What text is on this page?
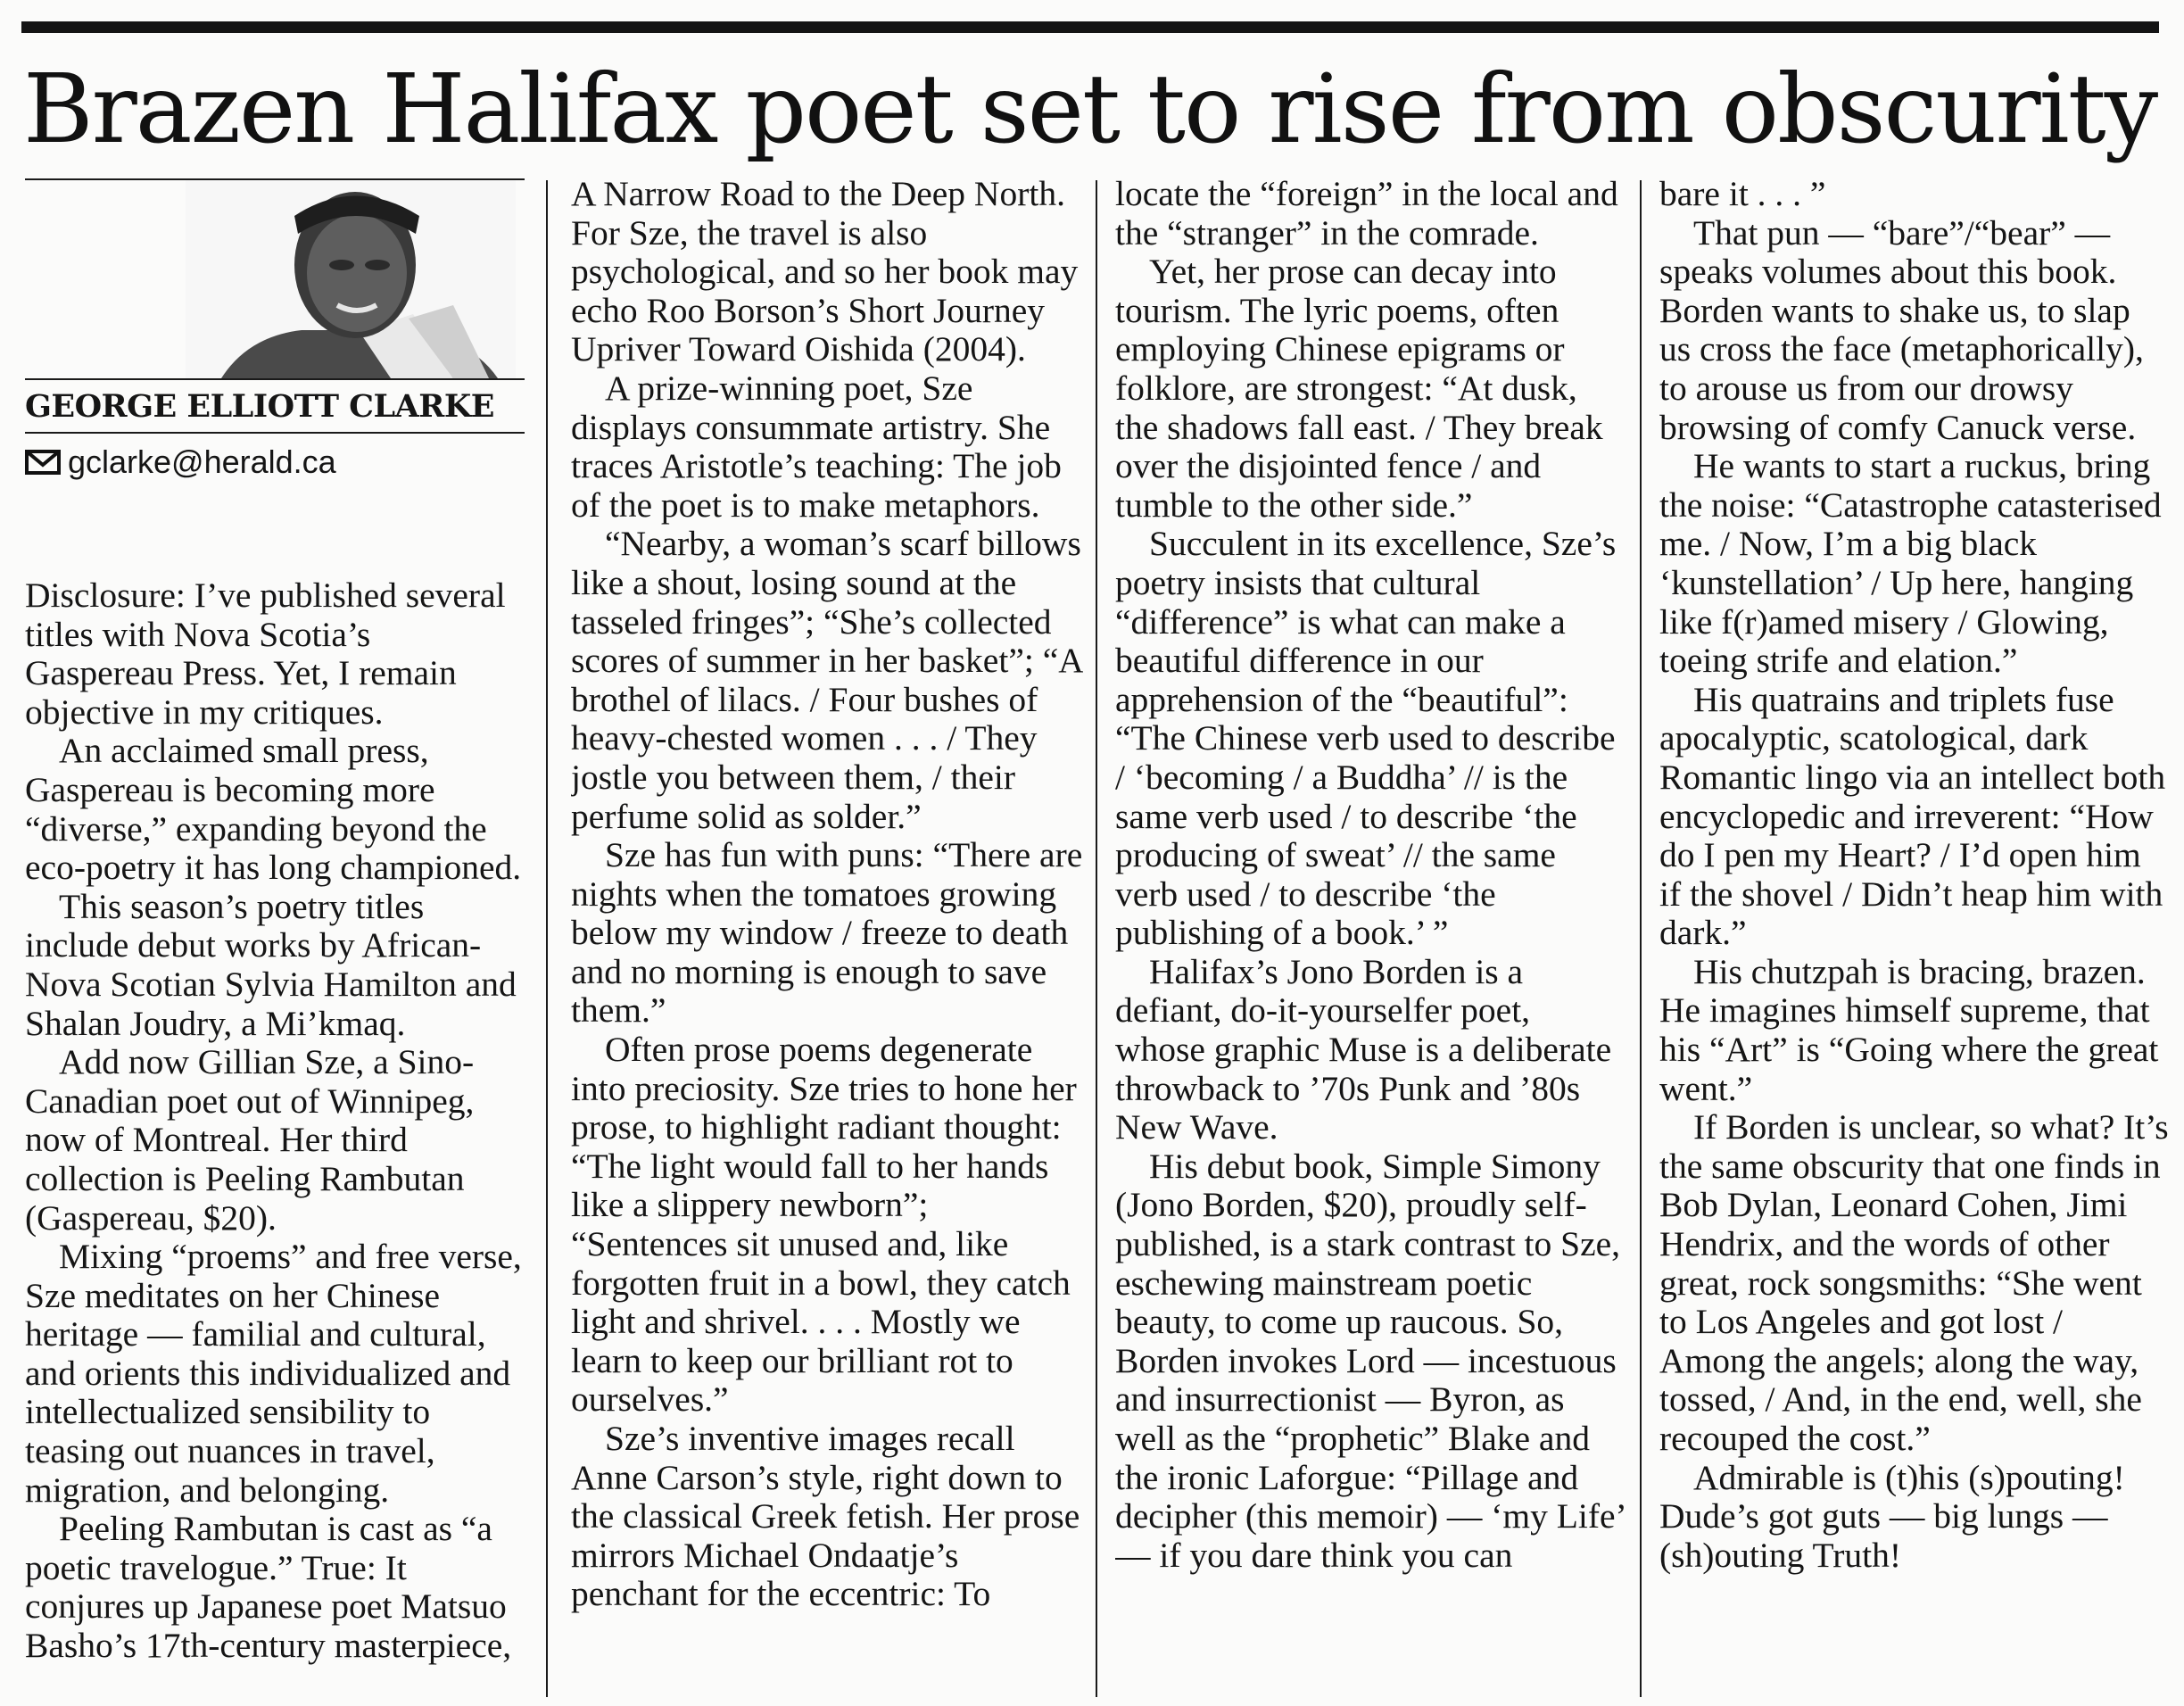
Brazen Halifax poet set to rise from obscurity
GEORGE ELLIOTT CLARKE
gclarke@herald.ca

Disclosure: I’ve published several titles with Nova Scotia’s Gaspereau Press. Yet, I remain objective in my critiques.

An acclaimed small press, Gaspereau is becoming more “diverse,” expanding beyond the eco-poetry it has long championed.

This season’s poetry titles include debut works by African-Nova Scotian Sylvia Hamilton and Shalan Joudry, a Mi’kmaq.

Add now Gillian Sze, a Sino-Canadian poet out of Winnipeg, now of Montreal. Her third collection is Peeling Rambutan (Gaspereau, $20).

Mixing “proems” and free verse, Sze meditates on her Chinese heritage — familial and cultural, and orients this individualized and intellectualized sensibility to teasing out nuances in travel, migration, and belonging.

Peeling Rambutan is cast as “a poetic travelogue.” True: It conjures up Japanese poet Matsuo Basho’s 17th-century masterpiece,

A Narrow Road to the Deep North. For Sze, the travel is also psychological, and so her book may echo Roo Borson’s Short Journey Upriver Toward Oishida (2004).

A prize-winning poet, Sze displays consummate artistry. She traces Aristotle’s teaching: The job of the poet is to make metaphors.

“Nearby, a woman’s scarf billows like a shout, losing sound at the tasseled fringes”; “She’s collected scores of summer in her basket”; “A brothel of lilacs. / Four bushes of heavy-chested women . . . / They jostle you between them, / their perfume solid as solder.”

Sze has fun with puns: “There are nights when the tomatoes growing below my window / freeze to death and no morning is enough to save them.”

Often prose poems degenerate into preciosity. Sze tries to hone her prose, to highlight radiant thought: “The light would fall to her hands like a slippery newborn”; “Sentences sit unused and, like forgotten fruit in a bowl, they catch light and shrivel. . . . Mostly we learn to keep our brilliant rot to ourselves.”

Sze’s inventive images recall Anne Carson’s style, right down to the classical Greek fetish. Her prose mirrors Michael Ondaatje’s penchant for the eccentric: To

locate the “foreign” in the local and the “stranger” in the comrade.

Yet, her prose can decay into tourism. The lyric poems, often employing Chinese epigrams or folklore, are strongest: “At dusk, the shadows fall east. / They break over the disjointed fence / and tumble to the other side.”

Succulent in its excellence, Sze’s poetry insists that cultural “difference” is what can make a beautiful difference in our apprehension of the “beautiful”: “The Chinese verb used to describe / ‘becoming / a Buddha’ // is the same verb used / to describe ‘the producing of sweat’ // the same verb used / to describe ‘the publishing of a book.’ ”

Halifax’s Jono Borden is a defiant, do-it-yourselfer poet, whose graphic Muse is a deliberate throwback to ’70s Punk and ’80s New Wave.

His debut book, Simple Simony (Jono Borden, $20), proudly self-published, is a stark contrast to Sze, eschewing mainstream poetic beauty, to come up raucous. So, Borden invokes Lord — incestuous and insurrectionist — Byron, as well as the “prophetic” Blake and the ironic Laforgue: “Pillage and decipher (this memoir) — ‘my Life’ — if you dare think you can

bare it . . . ”

That pun — “bare”/“bear” — speaks volumes about this book. Borden wants to shake us, to slap us cross the face (metaphorically), to arouse us from our drowsy browsing of comfy Canuck verse.

He wants to start a ruckus, bring the noise: “Catastrophe catasterised me. / Now, I’m a big black ‘kunstellation’ / Up here, hanging like f(r)amed misery / Glowing, toeing strife and elation.”

His quatrains and triplets fuse apocalyptic, scatological, dark Romantic lingo via an intellect both encyclopedic and irreverent: “How do I pen my Heart? / I’d open him if the shovel / Didn’t heap him with dark.”

His chutzpah is bracing, brazen. He imagines himself supreme, that his “Art” is “Going where the great went.”

If Borden is unclear, so what? It’s the same obscurity that one finds in Bob Dylan, Leonard Cohen, Jimi Hendrix, and the words of other great, rock songsmiths: “She went to Los Angeles and got lost / Among the angels; along the way, tossed, / And, in the end, well, she recouped the cost.”

Admirable is (t)his (s)pouting! Dude’s got guts — big lungs — (sh)outing Truth!
